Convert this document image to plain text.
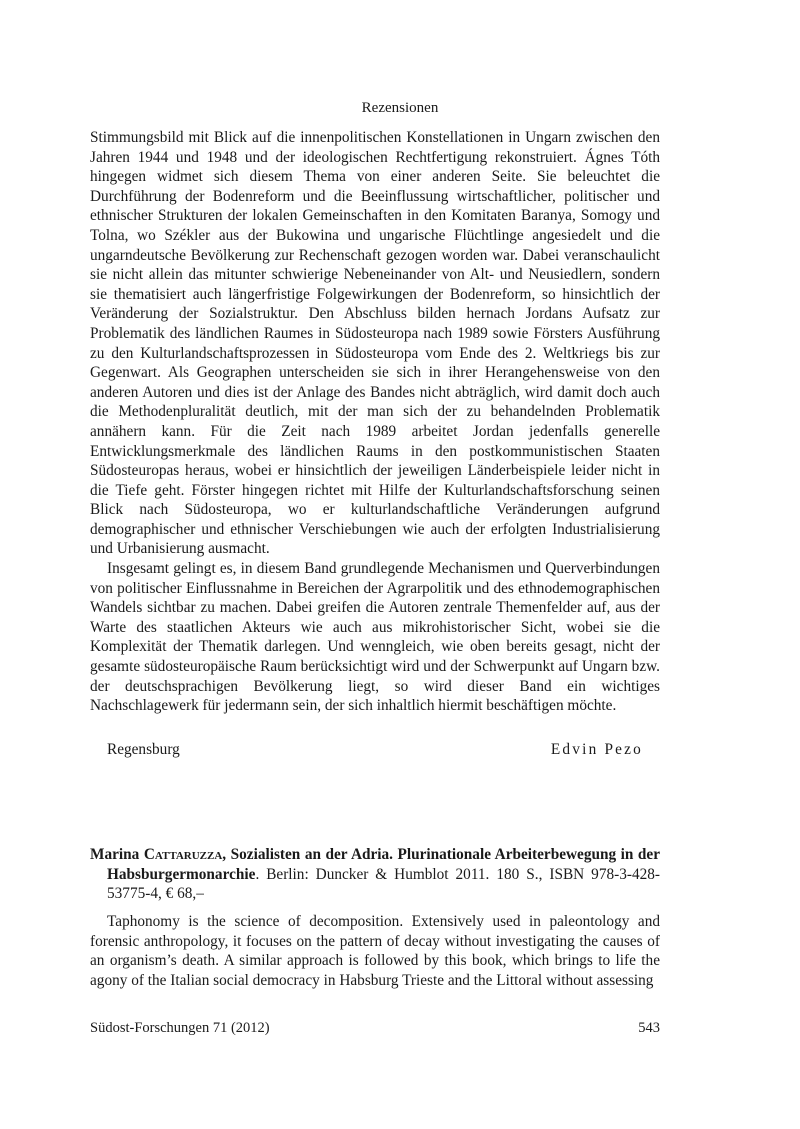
Rezensionen

Stimmungsbild mit Blick auf die innenpolitischen Konstellationen in Ungarn zwischen den Jahren 1944 und 1948 und der ideologischen Rechtfertigung rekonstruiert. Ágnes Tóth hingegen widmet sich diesem Thema von einer anderen Seite. Sie beleuchtet die Durchführung der Bodenreform und die Beeinflussung wirtschaftlicher, politischer und ethnischer Strukturen der lokalen Gemeinschaften in den Komitaten Baranya, Somogy und Tolna, wo Székler aus der Bukowina und ungarische Flüchtlinge angesiedelt und die ungarndeutsche Bevölkerung zur Rechenschaft gezogen worden war. Dabei veranschaulicht sie nicht allein das mitunter schwierige Nebeneinander von Alt- und Neusiedlern, sondern sie thematisiert auch längerfristige Folgewirkungen der Bodenreform, so hinsichtlich der Veränderung der Sozialstruktur. Den Abschluss bilden hernach Jordans Aufsatz zur Problematik des ländlichen Raumes in Südosteuropa nach 1989 sowie Försters Ausführung zu den Kulturlandschaftsprozessen in Südosteuropa vom Ende des 2. Weltkriegs bis zur Gegenwart. Als Geographen unterscheiden sie sich in ihrer Herangehensweise von den anderen Autoren und dies ist der Anlage des Bandes nicht abträglich, wird damit doch auch die Methodenpluralität deutlich, mit der man sich der zu behandelnden Problematik annähern kann. Für die Zeit nach 1989 arbeitet Jordan jedenfalls generelle Entwicklungsmerkmale des ländlichen Raums in den postkommunistischen Staaten Südosteuropas heraus, wobei er hinsichtlich der jeweiligen Länderbeispiele leider nicht in die Tiefe geht. Förster hingegen richtet mit Hilfe der Kulturlandschaftsforschung seinen Blick nach Südosteuropa, wo er kulturlandschaftliche Veränderungen aufgrund demographischer und ethnischer Verschiebungen wie auch der erfolgten Industrialisierung und Urbanisierung ausmacht.

Insgesamt gelingt es, in diesem Band grundlegende Mechanismen und Querverbindungen von politischer Einflussnahme in Bereichen der Agrarpolitik und des ethnodemographischen Wandels sichtbar zu machen. Dabei greifen die Autoren zentrale Themenfelder auf, aus der Warte des staatlichen Akteurs wie auch aus mikrohistorischer Sicht, wobei sie die Komplexität der Thematik darlegen. Und wenngleich, wie oben bereits gesagt, nicht der gesamte südosteuropäische Raum berücksichtigt wird und der Schwerpunkt auf Ungarn bzw. der deutschsprachigen Bevölkerung liegt, so wird dieser Band ein wichtiges Nachschlagewerk für jedermann sein, der sich inhaltlich hiermit beschäftigen möchte.

Regensburg	Edvin Pezo
Marina Cattaruzza, Sozialisten an der Adria. Plurinationale Arbeiterbewegung in der Habsburgermonarchie. Berlin: Duncker & Humblot 2011. 180 S., ISBN 978-3-428-53775-4, € 68,–

Taphonomy is the science of decomposition. Extensively used in paleontology and forensic anthropology, it focuses on the pattern of decay without investigating the causes of an organism’s death. A similar approach is followed by this book, which brings to life the agony of the Italian social democracy in Habsburg Trieste and the Littoral without assessing

Südost-Forschungen 71 (2012)	543
